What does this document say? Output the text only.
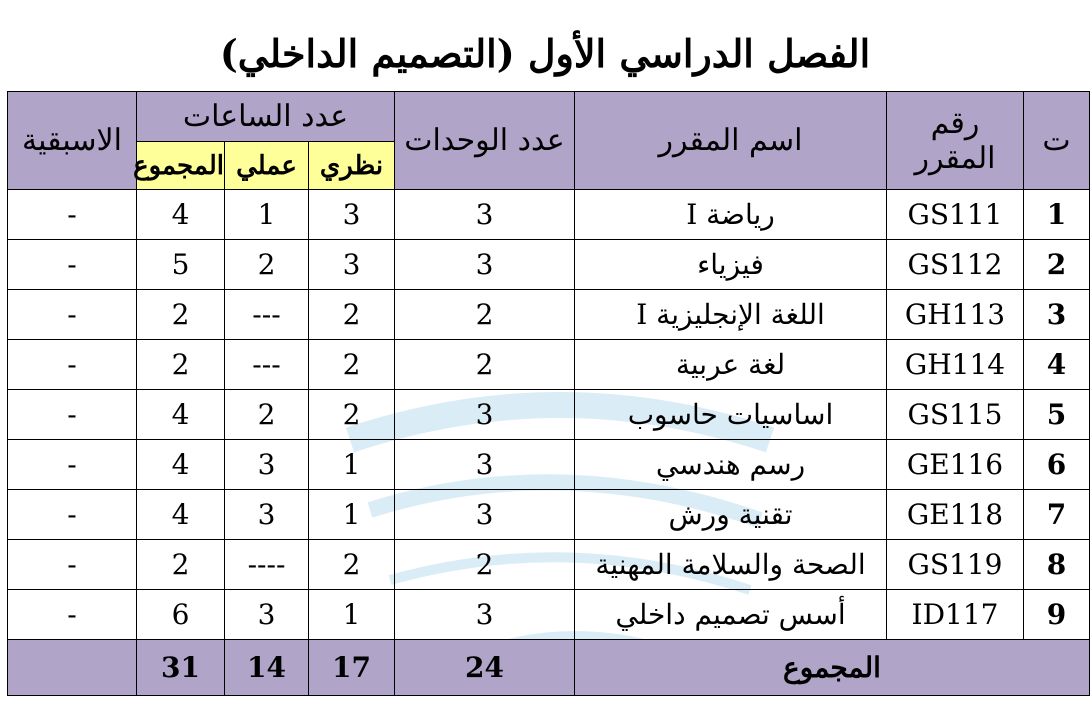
الفصل الدراسي الأول (التصميم الداخلي)
ت	رقم المقرر	اسم المقرر	عدد الوحدات	عدد الساعات			الاسبقية
				نظري	عملي	المجموع	
1	GS111	رياضة I	3	3	1	4	-
2	GS112	فيزياء	3	3	2	5	-
3	GH113	اللغة الإنجليزية I	2	2	---	2	-
4	GH114	لغة عربية	2	2	---	2	-
5	GS115	اساسيات حاسوب	3	2	2	4	-
6	GE116	رسم هندسي	3	1	3	4	-
7	GE118	تقنية ورش	3	1	3	4	-
8	GS119	الصحة والسلامة المهنية	2	2	----	2	-
9	ID117	أسس تصميم داخلي	3	1	3	6	-
المجموع			24	17	14	31	
